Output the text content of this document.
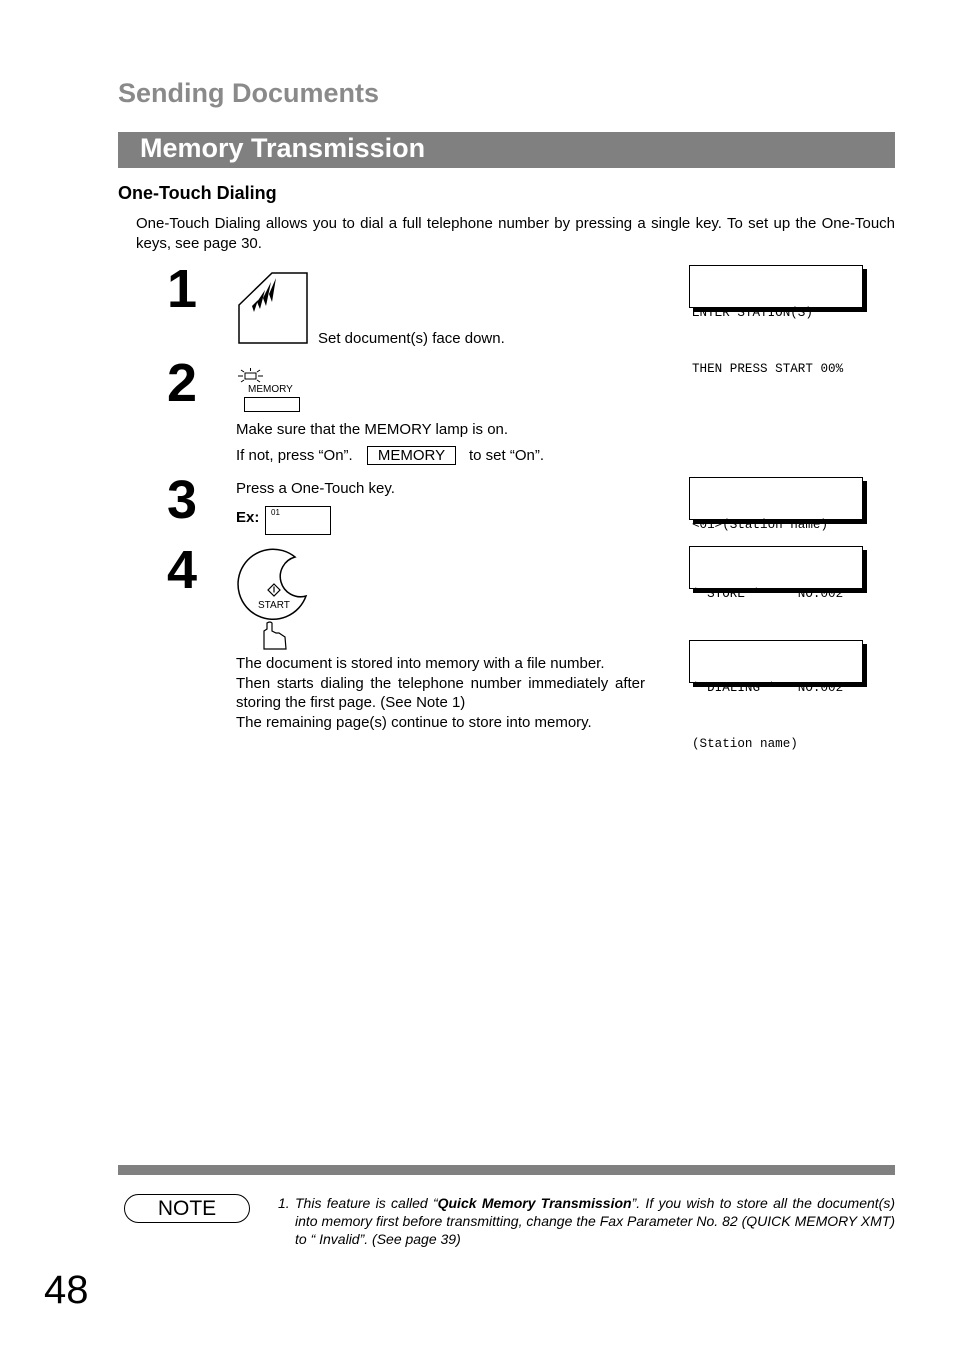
Sending Documents
Memory Transmission
One-Touch Dialing
One-Touch Dialing allows you to dial a full telephone number by pressing a single key. To set up the One-Touch keys, see page 30.
1
Set document(s) face down.

ENTER STATION(S)

THEN PRESS START 00%

2	MEMORY
Make sure that the MEMORY lamp is on.
If not, press “On”.	MEMORY	to set “On”.
3	Press a One-Touch key.
Ex: 01

<01>(Station name)

4
START

The document is stored into memory with a file number.

Then starts dialing the telephone number immediately after storing the first page. (See Note 1)

The remaining page(s) continue to store into memory.

* STORE *     NO.002

* DIALING *   NO.002

(Station name)

NOTE	1. This feature is called “Quick Memory Transmission”. If you wish to store all the document(s) into memory first before transmitting, change the Fax Parameter No. 82 (QUICK MEMORY XMT) to “ Invalid”. (See page 39)
48
